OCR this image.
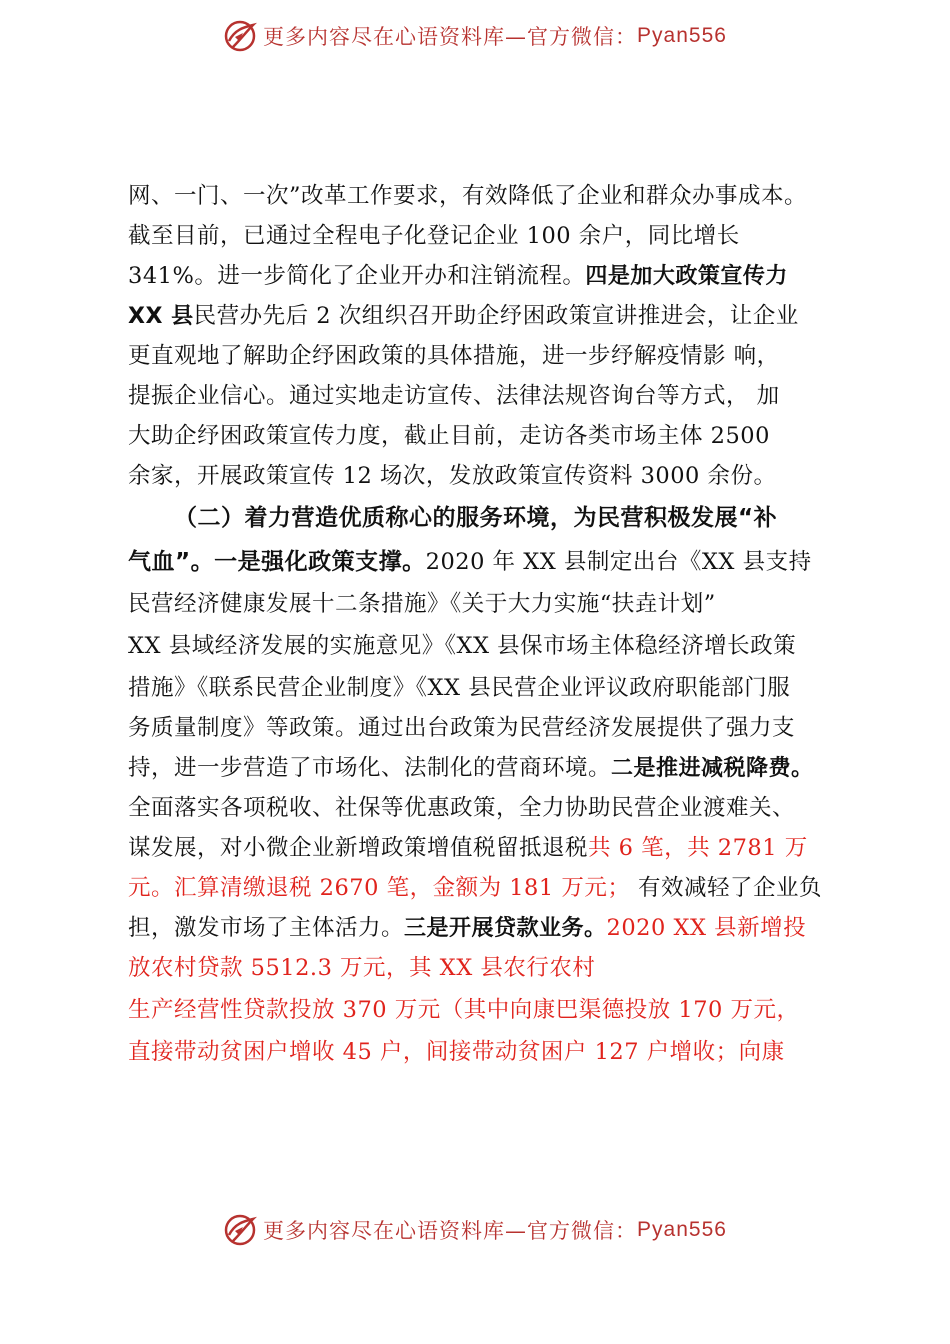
更多内容尽在心语资料库—官方微信： Pyan556
网、一门、一次”改革工作要求，有效降低了企业和群众办事成本。
截至目前，已通过全程电子化登记企业 100 余户，同比增长
341%。进一步简化了企业开办和注销流程。四是加大政策宣传力
XX 县民营办先后 2 次组织召开助企纾困政策宣讲推进会，让企业
更直观地了解助企纾困政策的具体措施，进一步纾解疫情影 响，
提振企业信心。通过实地走访宣传、法律法规咨询台等方式， 加
大助企纾困政策宣传力度，截止目前，走访各类市场主体 2500
余家，开展政策宣传 12 场次，发放政策宣传资料 3000 余份。
（二）着力营造优质称心的服务环境，为民营积极发展“补
气血”。一是强化政策支撑。2020 年 XX 县制定出台《XX 县支持
民营经济健康发展十二条措施》《关于大力实施“扶垚计划”
XX 县域经济发展的实施意见》《XX 县保市场主体稳经济增长政策
措施》《联系民营企业制度》《XX 县民营企业评议政府职能部门服
务质量制度》等政策。通过出台政策为民营经济发展提供了强力支
持，进一步营造了市场化、法制化的营商环境。二是推进减税降费。
全面落实各项税收、社保等优惠政策，全力协助民营企业渡难关、
谋发展，对小微企业新增政策增值税留抵退税共 6 笔，共 2781 万
元。汇算清缴退税 2670 笔，金额为 181 万元； 有效减轻了企业负
担，激发市场了主体活力。三是开展贷款业务。2020 XX 县新增投
放农村贷款 5512.3 万元，其 XX 县农行农村
生产经营性贷款投放 370 万元（其中向康巴渠德投放 170 万元，
直接带动贫困户增收 45 户，间接带动贫困户 127 户增收；向康
更多内容尽在心语资料库—官方微信： Pyan556
